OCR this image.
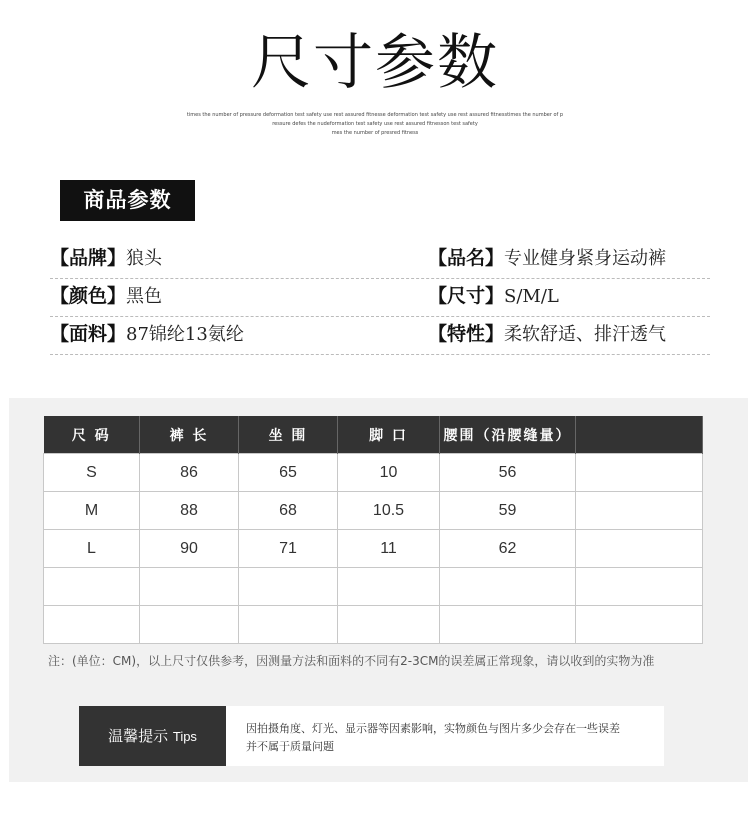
尺寸参数
times the number of pressure deformation test safety use rest assured fitnesse deformation test safety use rest assured fitnesstimes the number of p
ressure defes the nudeformation test safety use rest assured fitnesson test safety
mes the number of presred fitness
商品参数
【品牌】狼头	【品名】专业健身紧身运动裤
【颜色】黑色	【尺寸】S/M/L
【面料】87锦纶13氨纶	【特性】柔软舒适、排汗透气
尺 码	裤 长	坐 围	脚 口	腰围（沿腰缝量）	
S	86	65	10	56	
M	88	68	10.5	59	
L	90	71	11	62	

注：(单位：CM)，以上尺寸仅供参考，因测量方法和面料的不同有2-3CM的误差属正常现象，请以收到的实物为准
温馨提示 Tips
因拍摄角度、灯光、显示器等因素影响，实物颜色与图片多少会存在一些误差
并不属于质量问题
